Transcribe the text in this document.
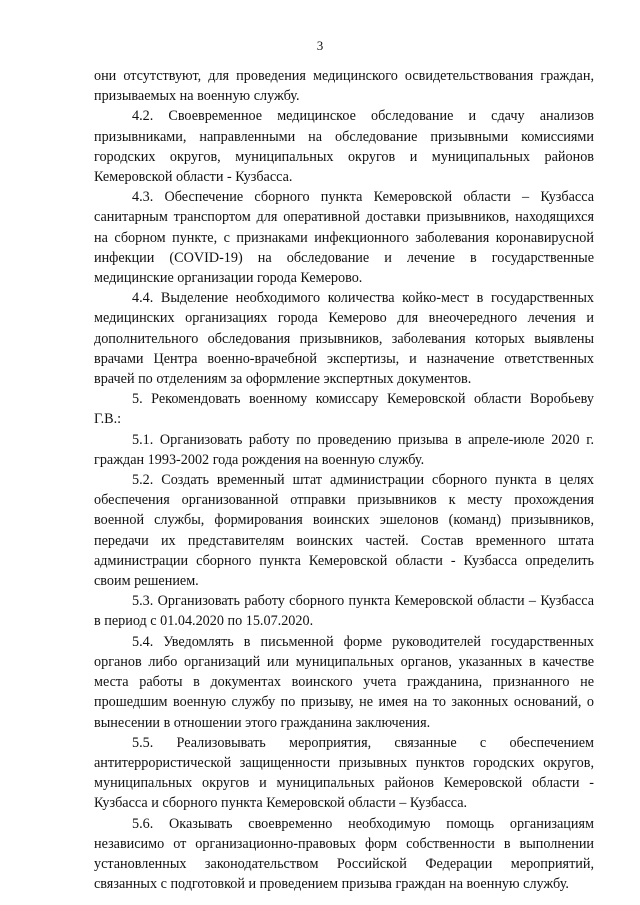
3

они отсутствуют, для проведения медицинского освидетельствования граждан, призываемых на военную службу.

4.2. Своевременное медицинское обследование и сдачу анализов призывниками, направленными на обследование призывными комиссиями городских округов, муниципальных округов и муниципальных районов Кемеровской области - Кузбасса.

4.3. Обеспечение сборного пункта Кемеровской области – Кузбасса санитарным транспортом для оперативной доставки призывников, находящихся на сборном пункте, с признаками инфекционного заболевания коронавирусной инфекции (COVID-19) на обследование и лечение в государственные медицинские организации города Кемерово.

4.4. Выделение необходимого количества койко-мест в государственных медицинских организациях города Кемерово для внеочередного лечения и дополнительного обследования призывников, заболевания которых выявлены врачами Центра военно-врачебной экспертизы, и назначение ответственных врачей по отделениям за оформление экспертных документов.

5. Рекомендовать военному комиссару Кемеровской области Воробьеву Г.В.:

5.1. Организовать работу по проведению призыва в апреле-июле 2020 г. граждан 1993-2002 года рождения на военную службу.

5.2. Создать временный штат администрации сборного пункта в целях обеспечения организованной отправки призывников к месту прохождения военной службы, формирования воинских эшелонов (команд) призывников, передачи их представителям воинских частей. Состав временного штата администрации сборного пункта Кемеровской области - Кузбасса определить своим решением.

5.3. Организовать работу сборного пункта Кемеровской области – Кузбасса в период с 01.04.2020 по 15.07.2020.

5.4. Уведомлять в письменной форме руководителей государственных органов либо организаций или муниципальных органов, указанных в качестве места работы в документах воинского учета гражданина, признанного не прошедшим военную службу по призыву, не имея на то законных оснований, о вынесении в отношении этого гражданина заключения.

5.5. Реализовывать мероприятия, связанные с обеспечением антитеррористической защищенности призывных пунктов городских округов, муниципальных округов и муниципальных районов Кемеровской области - Кузбасса и сборного пункта Кемеровской области – Кузбасса.

5.6. Оказывать своевременно необходимую помощь организациям независимо от организационно-правовых форм собственности в выполнении установленных законодательством Российской Федерации мероприятий, связанных с подготовкой и проведением призыва граждан на военную службу.
